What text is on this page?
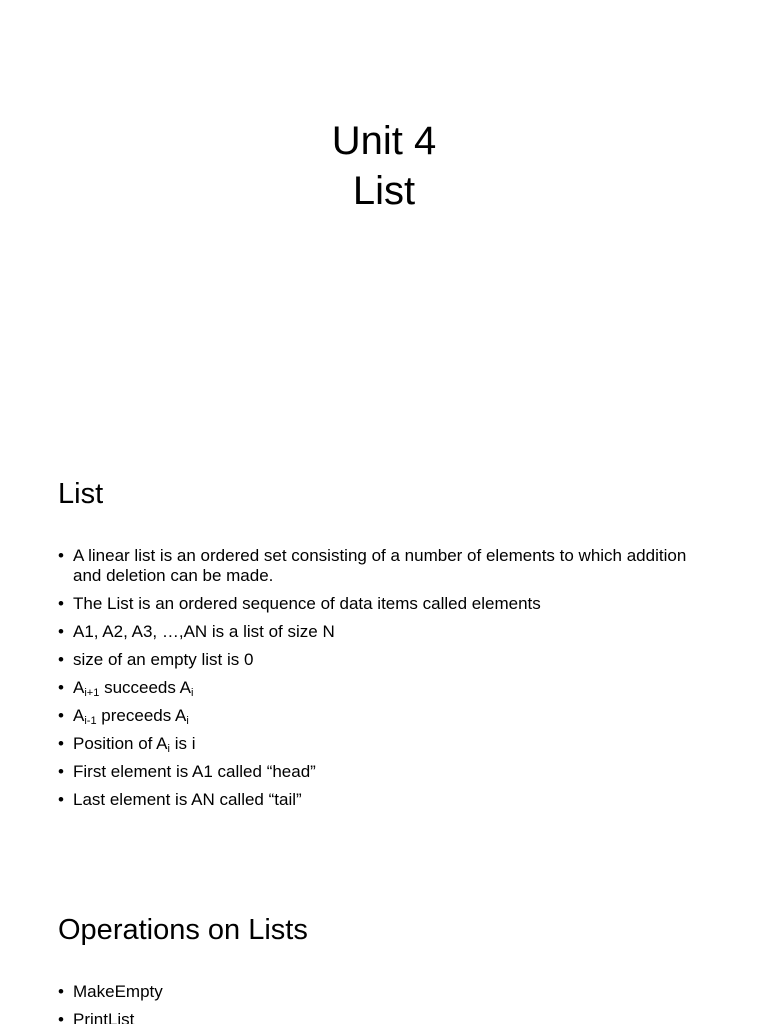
Unit 4
List
List
• A linear list is an ordered set consisting of a number of elements to which addition and deletion can be made.
• The List is an ordered sequence of data items called elements
• A1, A2, A3, …,AN is a list of size N
• size of an empty list is 0
• $A_{i+1}$ succeeds $A_i$
• $A_{i-1}$ preceeds $A_i$
• Position of $A_i$ is i
• First element is A1 called “head”
• Last element is AN called “tail”
Operations on Lists
• MakeEmpty
• PrintList
